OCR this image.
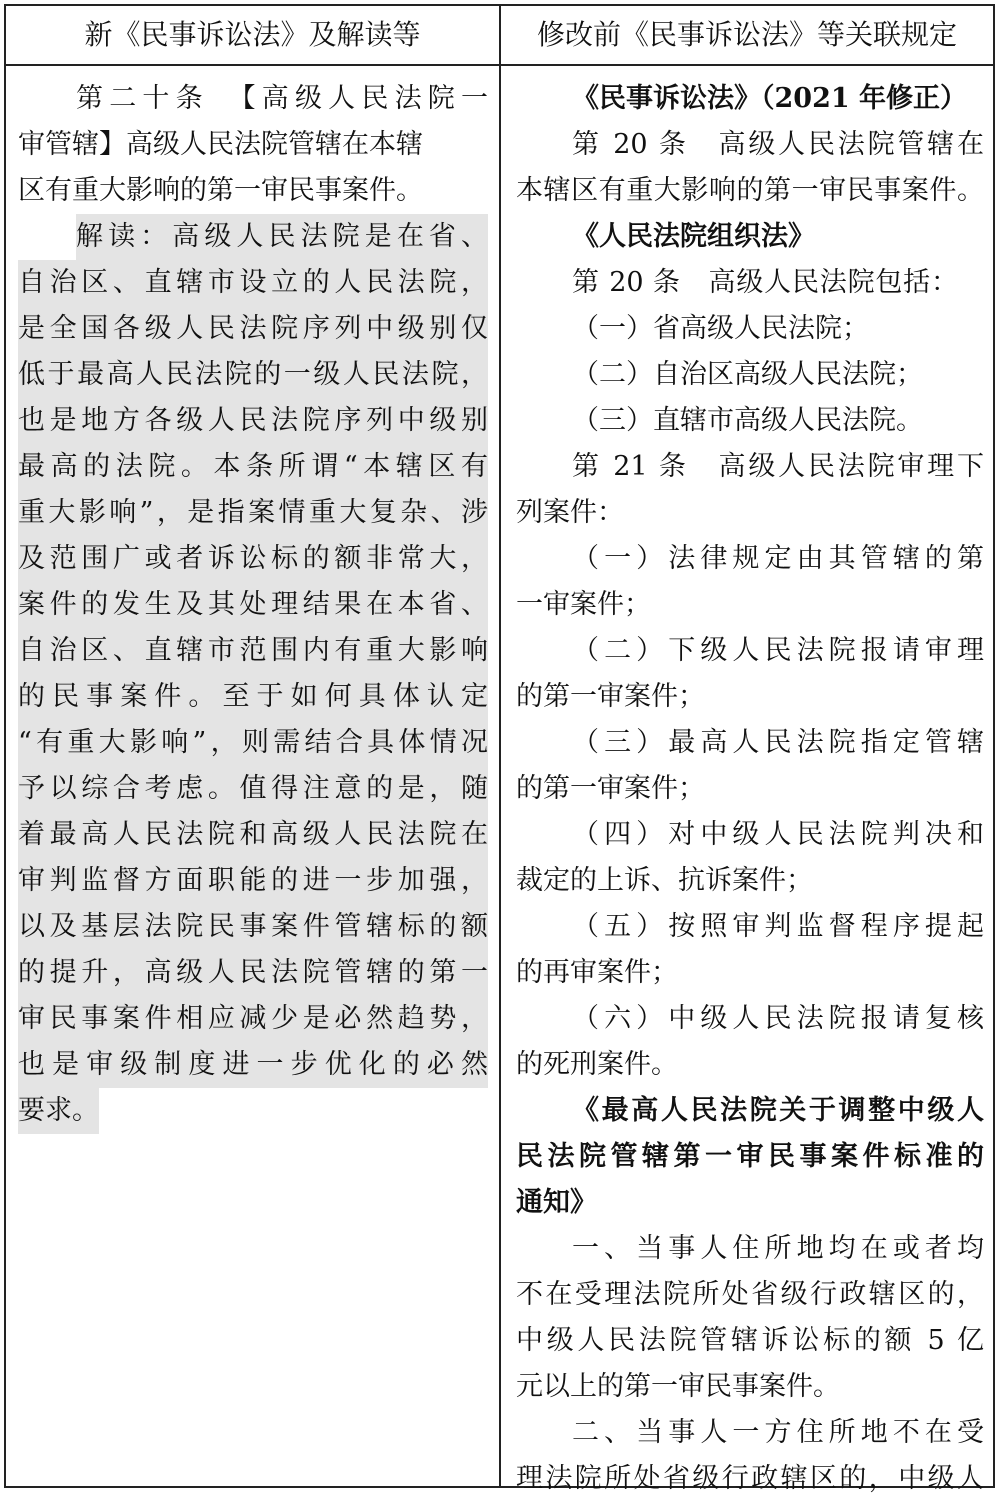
新《民事诉讼法》及解读等	修改前《民事诉讼法》等关联规定
第二十条　【高级人民法院一
审管辖】高级人民法院管辖在本辖
区有重大影响的第一审民事案件。
解读：高级人民法院是在省、
自治区、直辖市设立的人民法院，
是全国各级人民法院序列中级别仅
低于最高人民法院的一级人民法院，
也是地方各级人民法院序列中级别
最高的法院。本条所谓“本辖区有
重大影响”，是指案情重大复杂、涉
及范围广或者诉讼标的额非常大，
案件的发生及其处理结果在本省、
自治区、直辖市范围内有重大影响
的民事案件。至于如何具体认定
“有重大影响”，则需结合具体情况
予以综合考虑。值得注意的是，随
着最高人民法院和高级人民法院在
审判监督方面职能的进一步加强，
以及基层法院民事案件管辖标的额
的提升，高级人民法院管辖的第一
审民事案件相应减少是必然趋势，
也是审级制度进一步优化的必然
要求。
《民事诉讼法》（2021 年修正）
第 20 条　高级人民法院管辖在
本辖区有重大影响的第一审民事案件。
《人民法院组织法》
第 20 条　高级人民法院包括：
（一）省高级人民法院；
（二）自治区高级人民法院；
（三）直辖市高级人民法院。
第 21 条　高级人民法院审理下
列案件：
（一）法律规定由其管辖的第
一审案件；
（二）下级人民法院报请审理
的第一审案件；
（三）最高人民法院指定管辖
的第一审案件；
（四）对中级人民法院判决和
裁定的上诉、抗诉案件；
（五）按照审判监督程序提起
的再审案件；
（六）中级人民法院报请复核
的死刑案件。
《最高人民法院关于调整中级人
民法院管辖第一审民事案件标准的
通知》
一、当事人住所地均在或者均
不在受理法院所处省级行政辖区的，
中级人民法院管辖诉讼标的额 5 亿
元以上的第一审民事案件。
二、当事人一方住所地不在受
理法院所处省级行政辖区的，中级人
